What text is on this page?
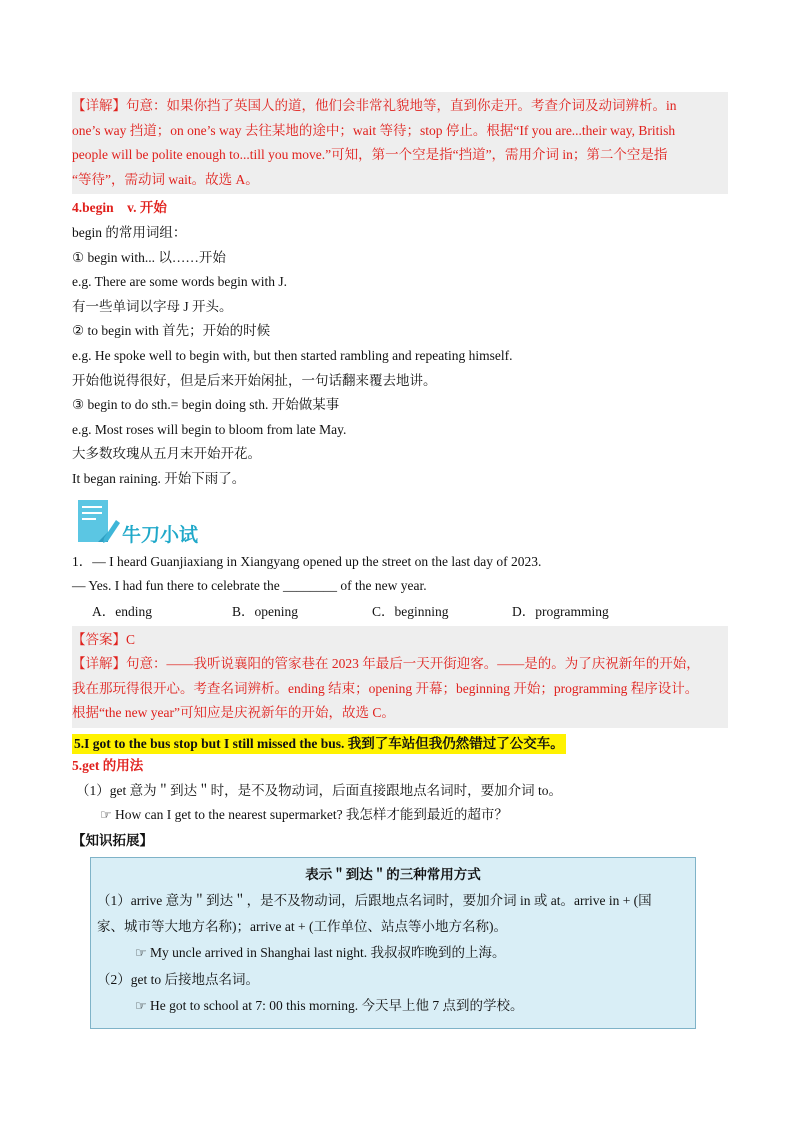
【详解】句意：如果你挡了英国人的道，他们会非常礼貌地等，直到你走开。考查介词及动词辨析。in
one’s way 挡道；on one’s way 去往某地的途中；wait 等待；stop 停止。根据“If you are...their way, British
people will be polite enough to...till you move.”可知，第一个空是指“挡道”，需用介词 in；第二个空是指
“等待”，需动词 wait。故选 A。
4.begin　v. 开始
begin 的常用词组：
① begin with... 以……开始
e.g. There are some words begin with J.
有一些单词以字母 J 开头。
② to begin with 首先；开始的时候
e.g. He spoke well to begin with, but then started rambling and repeating himself.
开始他说得很好，但是后来开始闲扯，一句话翻来覆去地讲。
③ begin to do sth.= begin doing sth. 开始做某事
e.g. Most roses will begin to bloom from late May.
大多数玫瑰从五月末开始开花。
It began raining. 开始下雨了。
牛刀小试
1．— I heard Guanjiaxiang in Xiangyang opened up the street on the last day of 2023.
— Yes. I had fun there to celebrate the ________ of the new year.
A．ending	B．opening	C．beginning	D．programming
【答案】C
【详解】句意：——我听说襄阳的管家巷在 2023 年最后一天开街迎客。——是的。为了庆祝新年的开始，
我在那玩得很开心。考查名词辨析。ending 结束；opening 开幕；beginning 开始；programming 程序设计。
根据“the new year”可知应是庆祝新年的开始，故选 C。
5.I got to the bus stop but I still missed the bus. 我到了车站但我仍然错过了公交车。
5.get 的用法
（1）get 意为＂到达＂时，是不及物动词，后面直接跟地点名词时，要加介词 to。
☞ How can I get to the nearest supermarket? 我怎样才能到最近的超市？
【知识拓展】
表示＂到达＂的三种常用方式
（1）arrive 意为＂到达＂，是不及物动词，后跟地点名词时，要加介词 in 或 at。arrive in + (国
家、城市等大地方名称)；arrive at + (工作单位、站点等小地方名称)。
☞ My uncle arrived in Shanghai last night. 我叔叔昨晚到的上海。
（2）get to 后接地点名词。
☞ He got to school at 7: 00 this morning. 今天早上他 7 点到的学校。
